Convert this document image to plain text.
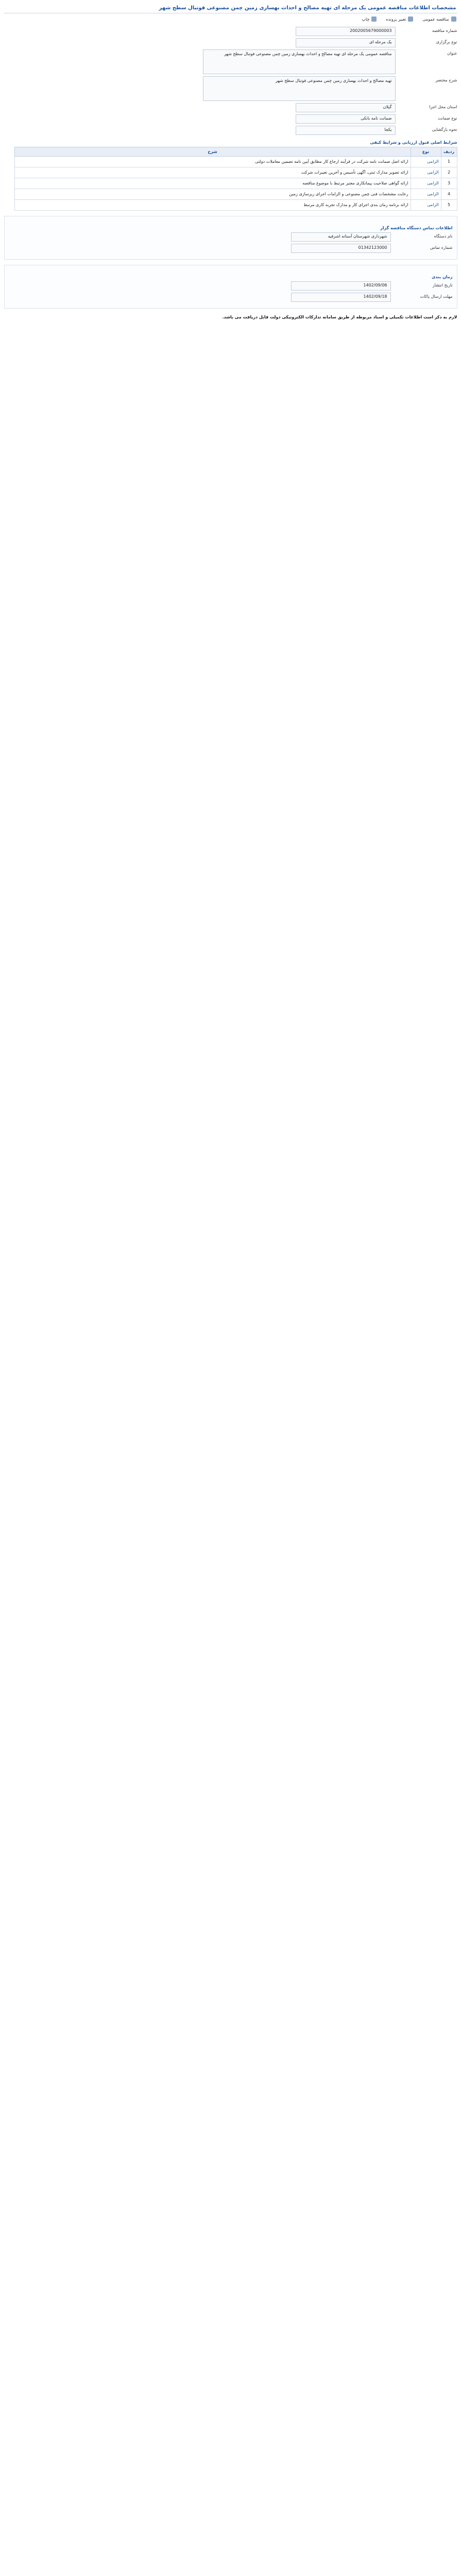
مشخصات اطلاعات مناقصه عمومی یک مرحله ای تهیه مصالح و احداث بهسازی زمین چمن مصنوعی فوتبال سطح شهر
مناقصه عمومی
تغییر پرونده
چاپ
شماره مناقصه
2002005679000003
نوع برگزاری
یک مرحله ای
عنوان
مناقصه عمومی یک مرحله ای تهیه مصالح و احداث بهسازی زمین چمن مصنوعی فوتبال سطح شهر
شرح مختصر
تهیه مصالح و احداث بهسازی زمین چمن مصنوعی فوتبال سطح شهر
استان محل اجرا
گیلان
نوع ضمانت
ضمانت نامه بانکی
نحوه بازگشایی
یکجا
شرایط اصلی قبول ارزیابی و شرایط کیفی
ردیف	نوع	شرح
1	الزامی	ارائه اصل ضمانت نامه شرکت در فرآیند ارجاع کار مطابق آیین نامه تضمین معاملات دولتی
2	الزامی	ارائه تصویر مدارک ثبتی، آگهی تأسیس و آخرین تغییرات شرکت
3	الزامی	ارائه گواهی صلاحیت پیمانکاری معتبر مرتبط با موضوع مناقصه
4	الزامی	رعایت مشخصات فنی چمن مصنوعی و الزامات اجرای زیرسازی زمین
5	الزامی	ارائه برنامه زمان بندی اجرای کار و مدارک تجربه کاری مرتبط
اطلاعات تماس دستگاه مناقصه گزار
نام دستگاه
شهرداری شهرستان آستانه اشرفیه
شماره تماس
01342123000
زمان بندی
تاریخ انتشار
1402/09/06
مهلت ارسال پاکات
1402/09/18
لازم به ذکر است اطلاعات تکمیلی و اسناد مربوطه از طریق سامانه تدارکات الکترونیکی دولت قابل دریافت می باشد.
